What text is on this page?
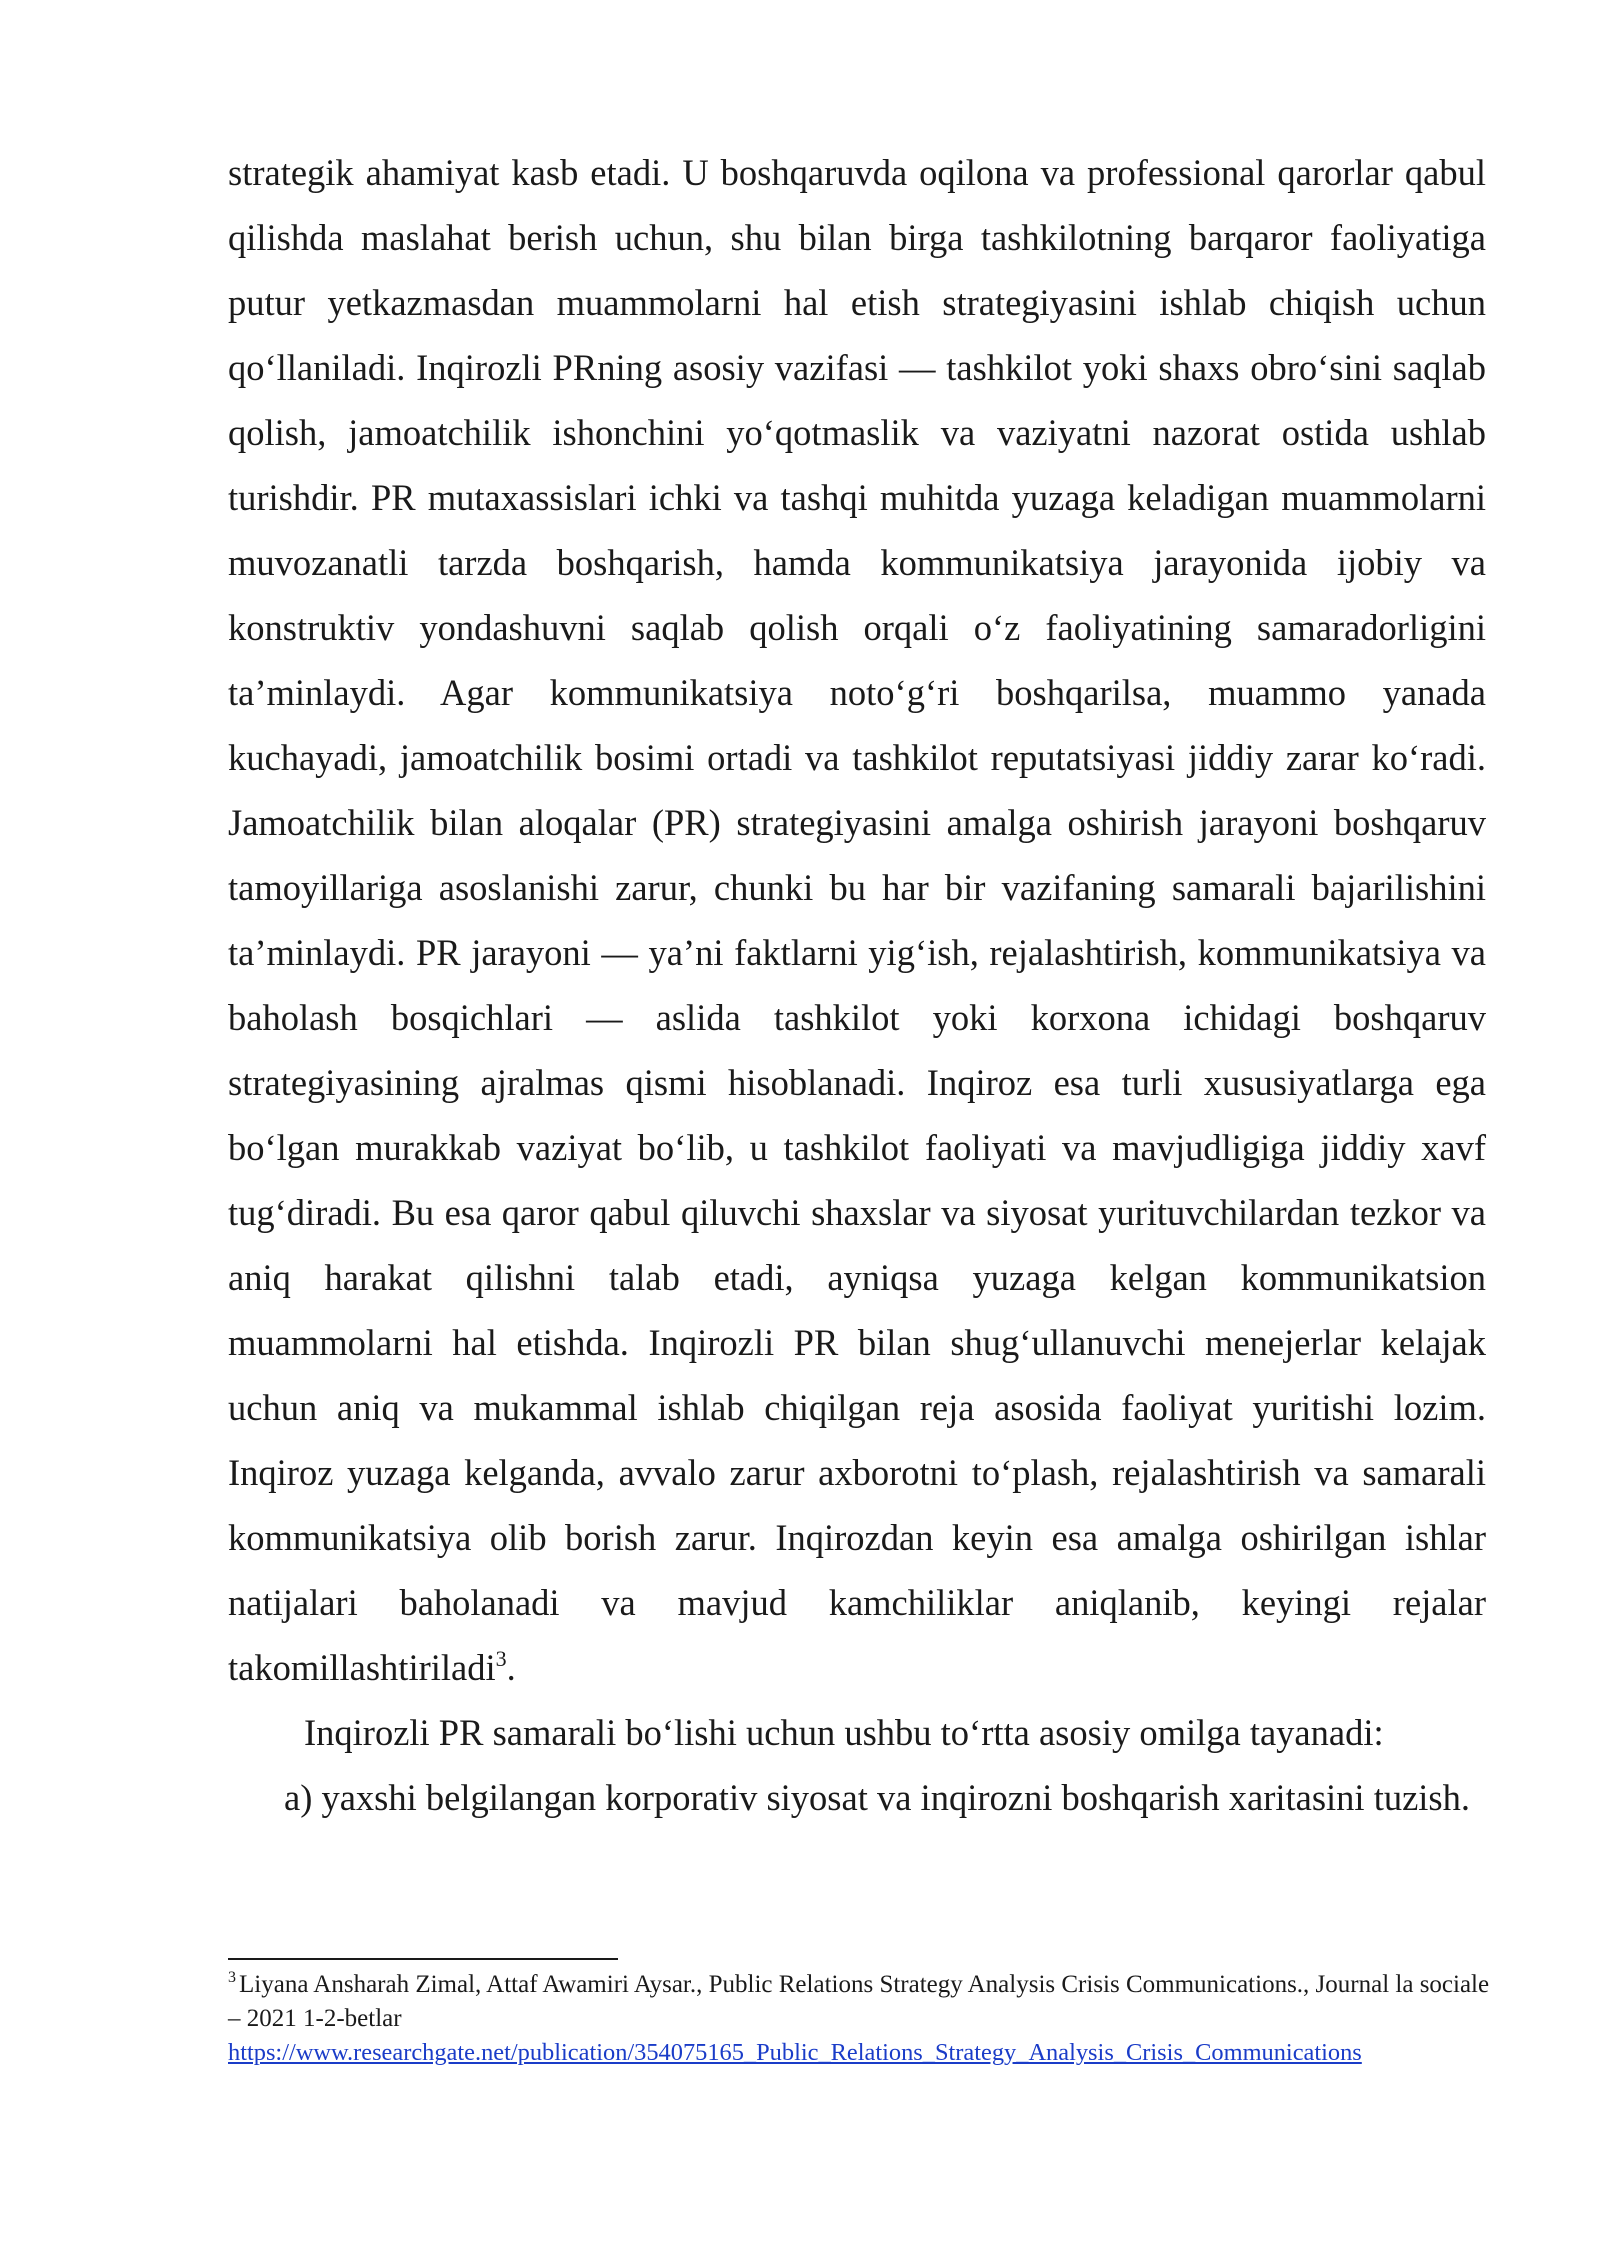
strategik ahamiyat kasb etadi. U boshqaruvda oqilona va professional qarorlar qabul qilishda maslahat berish uchun, shu bilan birga tashkilotning barqaror faoliyatiga putur yetkazmasdan muammolarni hal etish strategiyasini ishlab chiqish uchun qoʻllaniladi. Inqirozli PRning asosiy vazifasi — tashkilot yoki shaxs obroʻsini saqlab qolish, jamoatchilik ishonchini yoʻqotmaslik va vaziyatni nazorat ostida ushlab turishdir. PR mutaxassislari ichki va tashqi muhitda yuzaga keladigan muammolarni muvozanatli tarzda boshqarish, hamda kommunikatsiya jarayonida ijobiy va konstruktiv yondashuvni saqlab qolish orqali oʻz faoliyatining samaradorligini taʼminlaydi. Agar kommunikatsiya notoʻgʻri boshqarilsa, muammo yanada kuchayadi, jamoatchilik bosimi ortadi va tashkilot reputatsiyasi jiddiy zarar koʻradi. Jamoatchilik bilan aloqalar (PR) strategiyasini amalga oshirish jarayoni boshqaruv tamoyillariga asoslanishi zarur, chunki bu har bir vazifaning samarali bajarilishini taʼminlaydi. PR jarayoni — yaʼni faktlarni yigʻish, rejalashtirish, kommunikatsiya va baholash bosqichlari — aslida tashkilot yoki korxona ichidagi boshqaruv strategiyasining ajralmas qismi hisoblanadi. Inqiroz esa turli xususiyatlarga ega boʻlgan murakkab vaziyat boʻlib, u tashkilot faoliyati va mavjudligiga jiddiy xavf tugʻdiradi. Bu esa qaror qabul qiluvchi shaxslar va siyosat yurituvchilardan tezkor va aniq harakat qilishni talab etadi, ayniqsa yuzaga kelgan kommunikatsion muammolarni hal etishda. Inqirozli PR bilan shugʻullanuvchi menejerlar kelajak uchun aniq va mukammal ishlab chiqilgan reja asosida faoliyat yuritishi lozim. Inqiroz yuzaga kelganda, avvalo zarur axborotni toʻplash, rejalashtirish va samarali kommunikatsiya olib borish zarur. Inqirozdan keyin esa amalga oshirilgan ishlar natijalari baholanadi va mavjud kamchiliklar aniqlanib, keyingi rejalar takomillashtiriladi$^3$.

Inqirozli PR samarali boʻlishi uchun ushbu toʻrtta asosiy omilga tayanadi:

a) yaxshi belgilangan korporativ siyosat va inqirozni boshqarish xaritasini tuzish.

$^3$ Liyana Ansharah Zimal, Attaf Awamiri Aysar., Public Relations Strategy Analysis Crisis Communications., Journal la sociale – 2021 1-2-betlar
https://www.researchgate.net/publication/354075165_Public_Relations_Strategy_Analysis_Crisis_Communications
